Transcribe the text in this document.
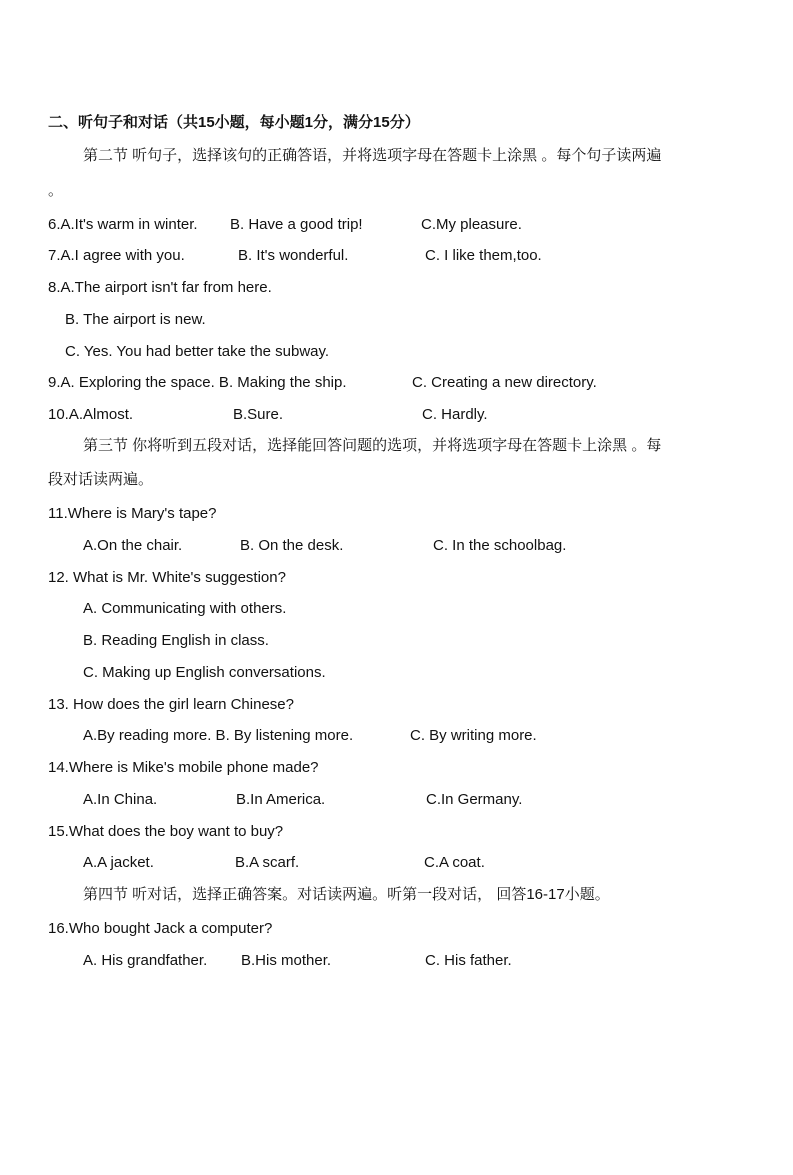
二、听句子和对话（共15小题，每小题1分，满分15分）
第二节 听句子，选择该句的正确答语，并将选项字母在答题卡上涂黑 。每个句子读两遍
。
6.A.It's warm in winter. B. Have a good trip!	C.My pleasure.
7.A.I agree with you.	B. It's wonderful.	C. I like them,too.
8.A.The airport isn't far from here.
B. The airport is new.
C. Yes. You had better take the subway.
9.A. Exploring the space. B. Making the ship.	C. Creating a new directory.
10.A.Almost.	B.Sure.	C. Hardly.
第三节 你将听到五段对话，选择能回答问题的选项，并将选项字母在答题卡上涂黑 。每
段对话读两遍。
11.Where is Mary's tape?
A.On the chair.	B. On the desk.	C. In the schoolbag.
12. What is Mr. White's suggestion?
A. Communicating with others.
B. Reading English in class.
C. Making up English conversations.
13. How does the girl learn Chinese?
A.By reading more. B. By listening more.	C. By writing more.
14.Where is Mike's mobile phone made?
A.In China.	B.In America.	C.In Germany.
15.What does the boy want to buy?
A.A jacket.	B.A scarf.	C.A coat.
第四节 听对话，选择正确答案。对话读两遍。听第一段对话， 回答16-17小题。
16.Who bought Jack a computer?
A. His grandfather. B.His mother.	C. His father.
